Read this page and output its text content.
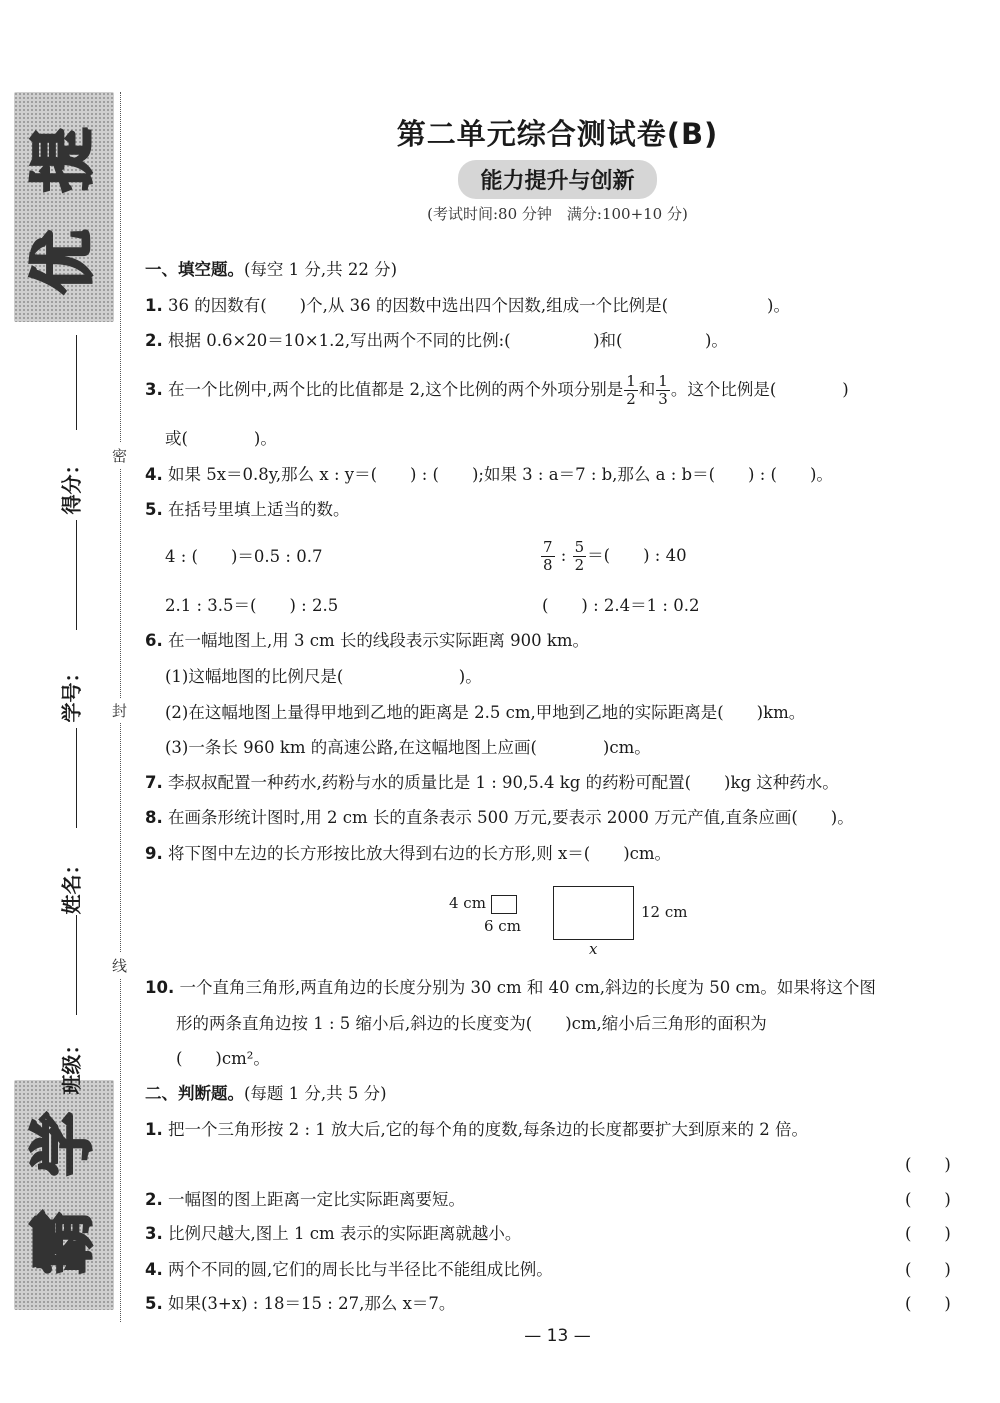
提
优
学
霸
密
封
线
得分：
学号：
姓名：
班级：
第二单元综合测试卷(B)
能力提升与创新
(考试时间:80 分钟　满分:100+10 分)
一、填空题。(每空 1 分,共 22 分)
1. 36 的因数有(　　)个,从 36 的因数中选出四个因数,组成一个比例是(　　　　　　)。
2. 根据 0.6×20＝10×1.2,写出两个不同的比例:(　　　　　)和(　　　　　)。
3. 在一个比例中,两个比的比值都是 2,这个比例的两个外项分别是 $\frac{1}{2}$ 和 $\frac{1}{3}$ 。这个比例是(　　　　)
或(　　　　)。
4. 如果 5x＝0.8y,那么 x : y＝(　　) : (　　);如果 3 : a＝7 : b,那么 a : b＝(　　) : (　　)。
5. 在括号里填上适当的数。
4 : (　　)＝0.5 : 0.7	$\frac{7}{8}$ : $\frac{5}{2}$ ＝(　　) : 40
2.1 : 3.5＝(　　) : 2.5	(　　) : 2.4＝1 : 0.2
6. 在一幅地图上,用 3 cm 长的线段表示实际距离 900 km。
(1)这幅地图的比例尺是(　　　　　　　)。
(2)在这幅地图上量得甲地到乙地的距离是 2.5 cm,甲地到乙地的实际距离是(　　)km。
(3)一条长 960 km 的高速公路,在这幅地图上应画(　　　　)cm。
7. 李叔叔配置一种药水,药粉与水的质量比是 1 : 90,5.4 kg 的药粉可配置(　　)kg 这种药水。
8. 在画条形统计图时,用 2 cm 长的直条表示 500 万元,要表示 2000 万元产值,直条应画(　　)。
9. 将下图中左边的长方形按比放大得到右边的长方形,则 x＝(　　)cm。
4 cm
6 cm
12 cm
x
10. 一个直角三角形,两直角边的长度分别为 30 cm 和 40 cm,斜边的长度为 50 cm。如果将这个图
形的两条直角边按 1 : 5 缩小后,斜边的长度变为(　　)cm,缩小后三角形的面积为
(　　)cm²。
二、判断题。(每题 1 分,共 5 分)
1. 把一个三角形按 2 : 1 放大后,它的每个角的度数,每条边的长度都要扩大到原来的 2 倍。
(　　)
2. 一幅图的图上距离一定比实际距离要短。	(　　)
3. 比例尺越大,图上 1 cm 表示的实际距离就越小。	(　　)
4. 两个不同的圆,它们的周长比与半径比不能组成比例。	(　　)
5. 如果(3+x) : 18＝15 : 27,那么 x＝7。	(　　)
— 13 —
